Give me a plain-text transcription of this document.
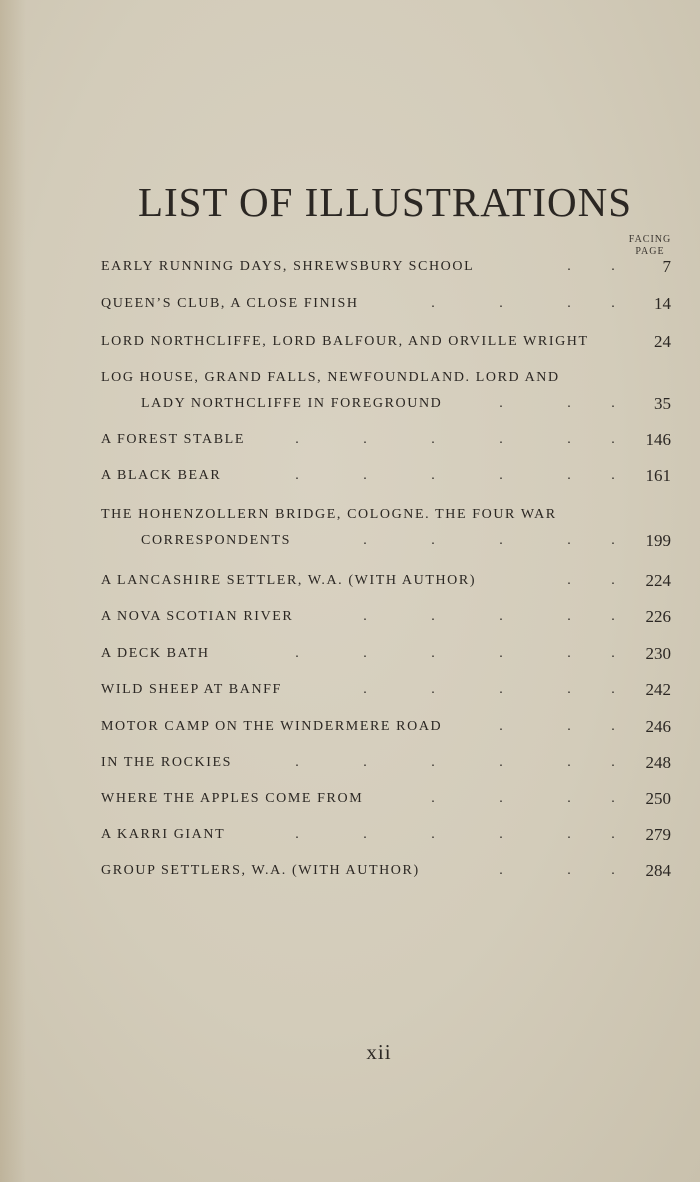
LIST OF ILLUSTRATIONS
FACING
PAGE
EARLY RUNNING DAYS, SHREWSBURY SCHOOL	.	.	7
QUEEN’S CLUB, A CLOSE FINISH	.	.	.	.	14
LORD NORTHCLIFFE, LORD BALFOUR, AND ORVILLE WRIGHT	24
LOG HOUSE, GRAND FALLS, NEWFOUNDLAND. LORD AND
LADY NORTHCLIFFE IN FOREGROUND	.	.	.	35
A FOREST STABLE	.	.	.	.	.	.	146
A BLACK BEAR	.	.	.	.	.	.	161
THE HOHENZOLLERN BRIDGE, COLOGNE. THE FOUR WAR
CORRESPONDENTS	.	.	.	.	.	199
A LANCASHIRE SETTLER, W.A. (WITH AUTHOR)	.	.	224
A NOVA SCOTIAN RIVER	.	.	.	.	.	226
A DECK BATH	.	.	.	.	.	.	230
WILD SHEEP AT BANFF	.	.	.	.	.	242
MOTOR CAMP ON THE WINDERMERE ROAD	.	.	.	246
IN THE ROCKIES	.	.	.	.	.	.	248
WHERE THE APPLES COME FROM	.	.	.	.	250
A KARRI GIANT	.	.	.	.	.	.	279
GROUP SETTLERS, W.A. (WITH AUTHOR)	.	.	.	284
xii
